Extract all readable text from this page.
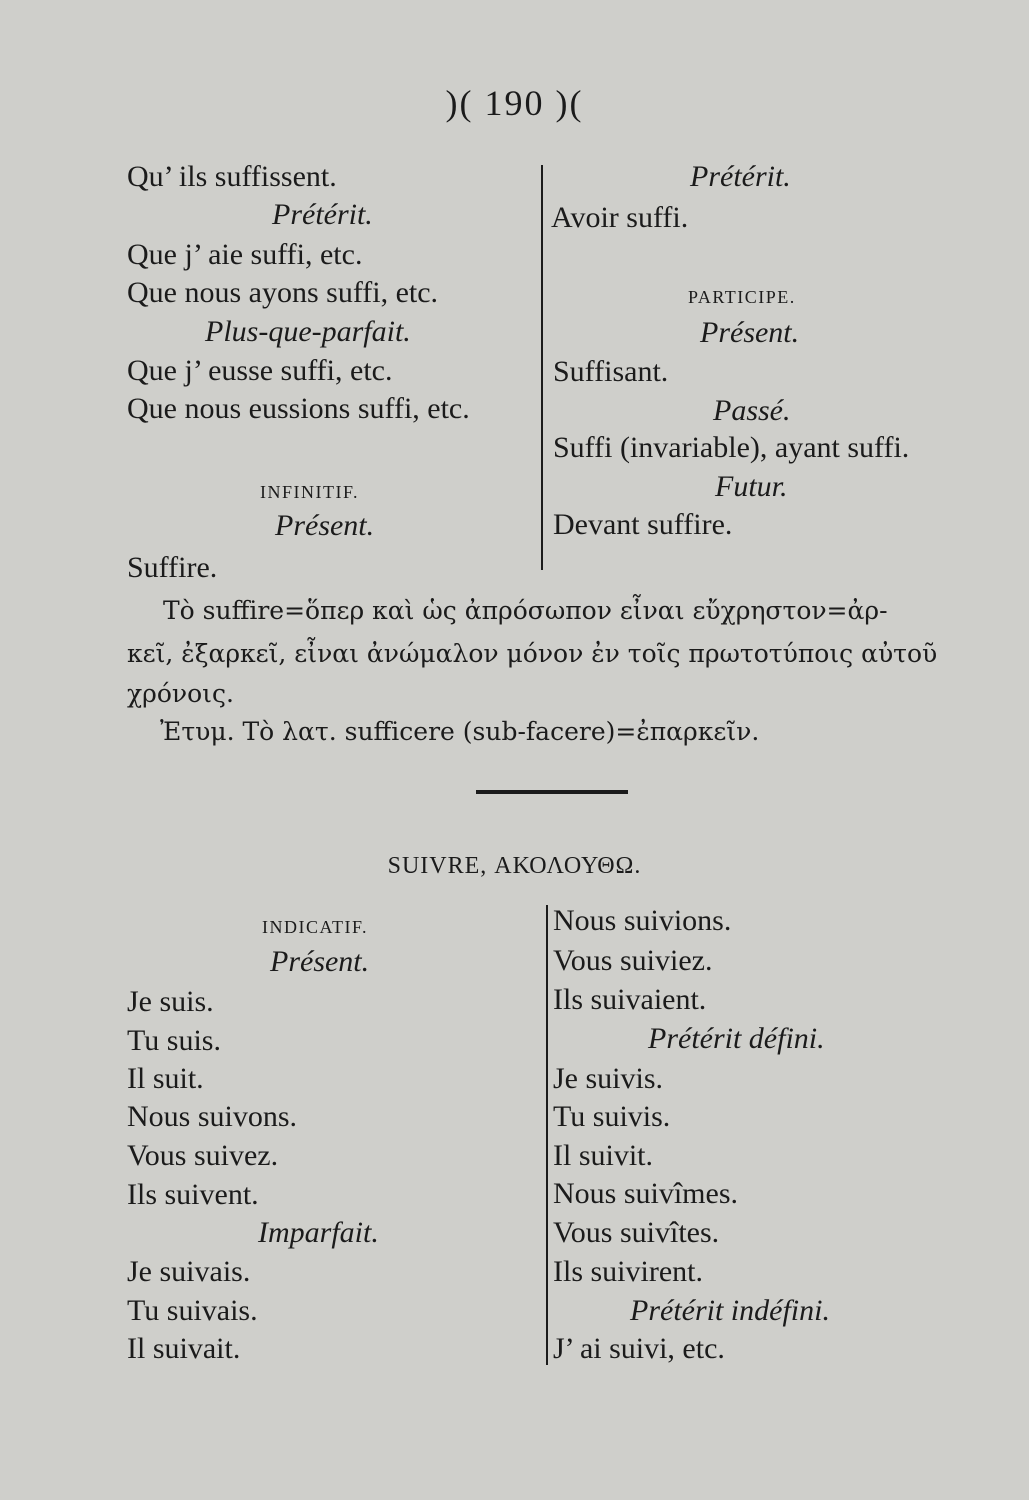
)( 190 )(
Qu’ ils suffissent.
Prétérit.
Que j’ aie suffi, etc.
Que nous ayons suffi, etc.
Plus-que-parfait.
Que j’ eusse suffi, etc.
Que nous eussions suffi, etc.
INFINITIF.
Présent.
Suffire.
Prétérit.
Avoir suffi.
PARTICIPE.
Présent.
Suffisant.
Passé.
Suffi (invariable), ayant suffi.
Futur.
Devant suffire.
Τὸ suffire=ὅπερ καὶ ὡς ἀπρόσωπον εἶναι εὔχρηστον=ἀρ-
κεῖ, ἐξαρκεῖ, εἶναι ἀνώμαλον μόνον ἐν τοῖς πρωτοτύποις αὐτοῦ
χρόνοις.
Ἐτυμ. Τὸ λατ. sufficere (sub-facere)=ἐπαρκεῖν.
SUIVRE, ΑΚΟΛΟΥΘΩ.
INDICATIF.
Présent.
Je suis.
Tu suis.
Il suit.
Nous suivons.
Vous suivez.
Ils suivent.
Imparfait.
Je suivais.
Tu suivais.
Il suivait.
Nous suivions.
Vous suiviez.
Ils suivaient.
Prétérit défini.
Je suivis.
Tu suivis.
Il suivit.
Nous suivîmes.
Vous suivîtes.
Ils suivirent.
Prétérit indéfini.
J’ ai suivi, etc.
